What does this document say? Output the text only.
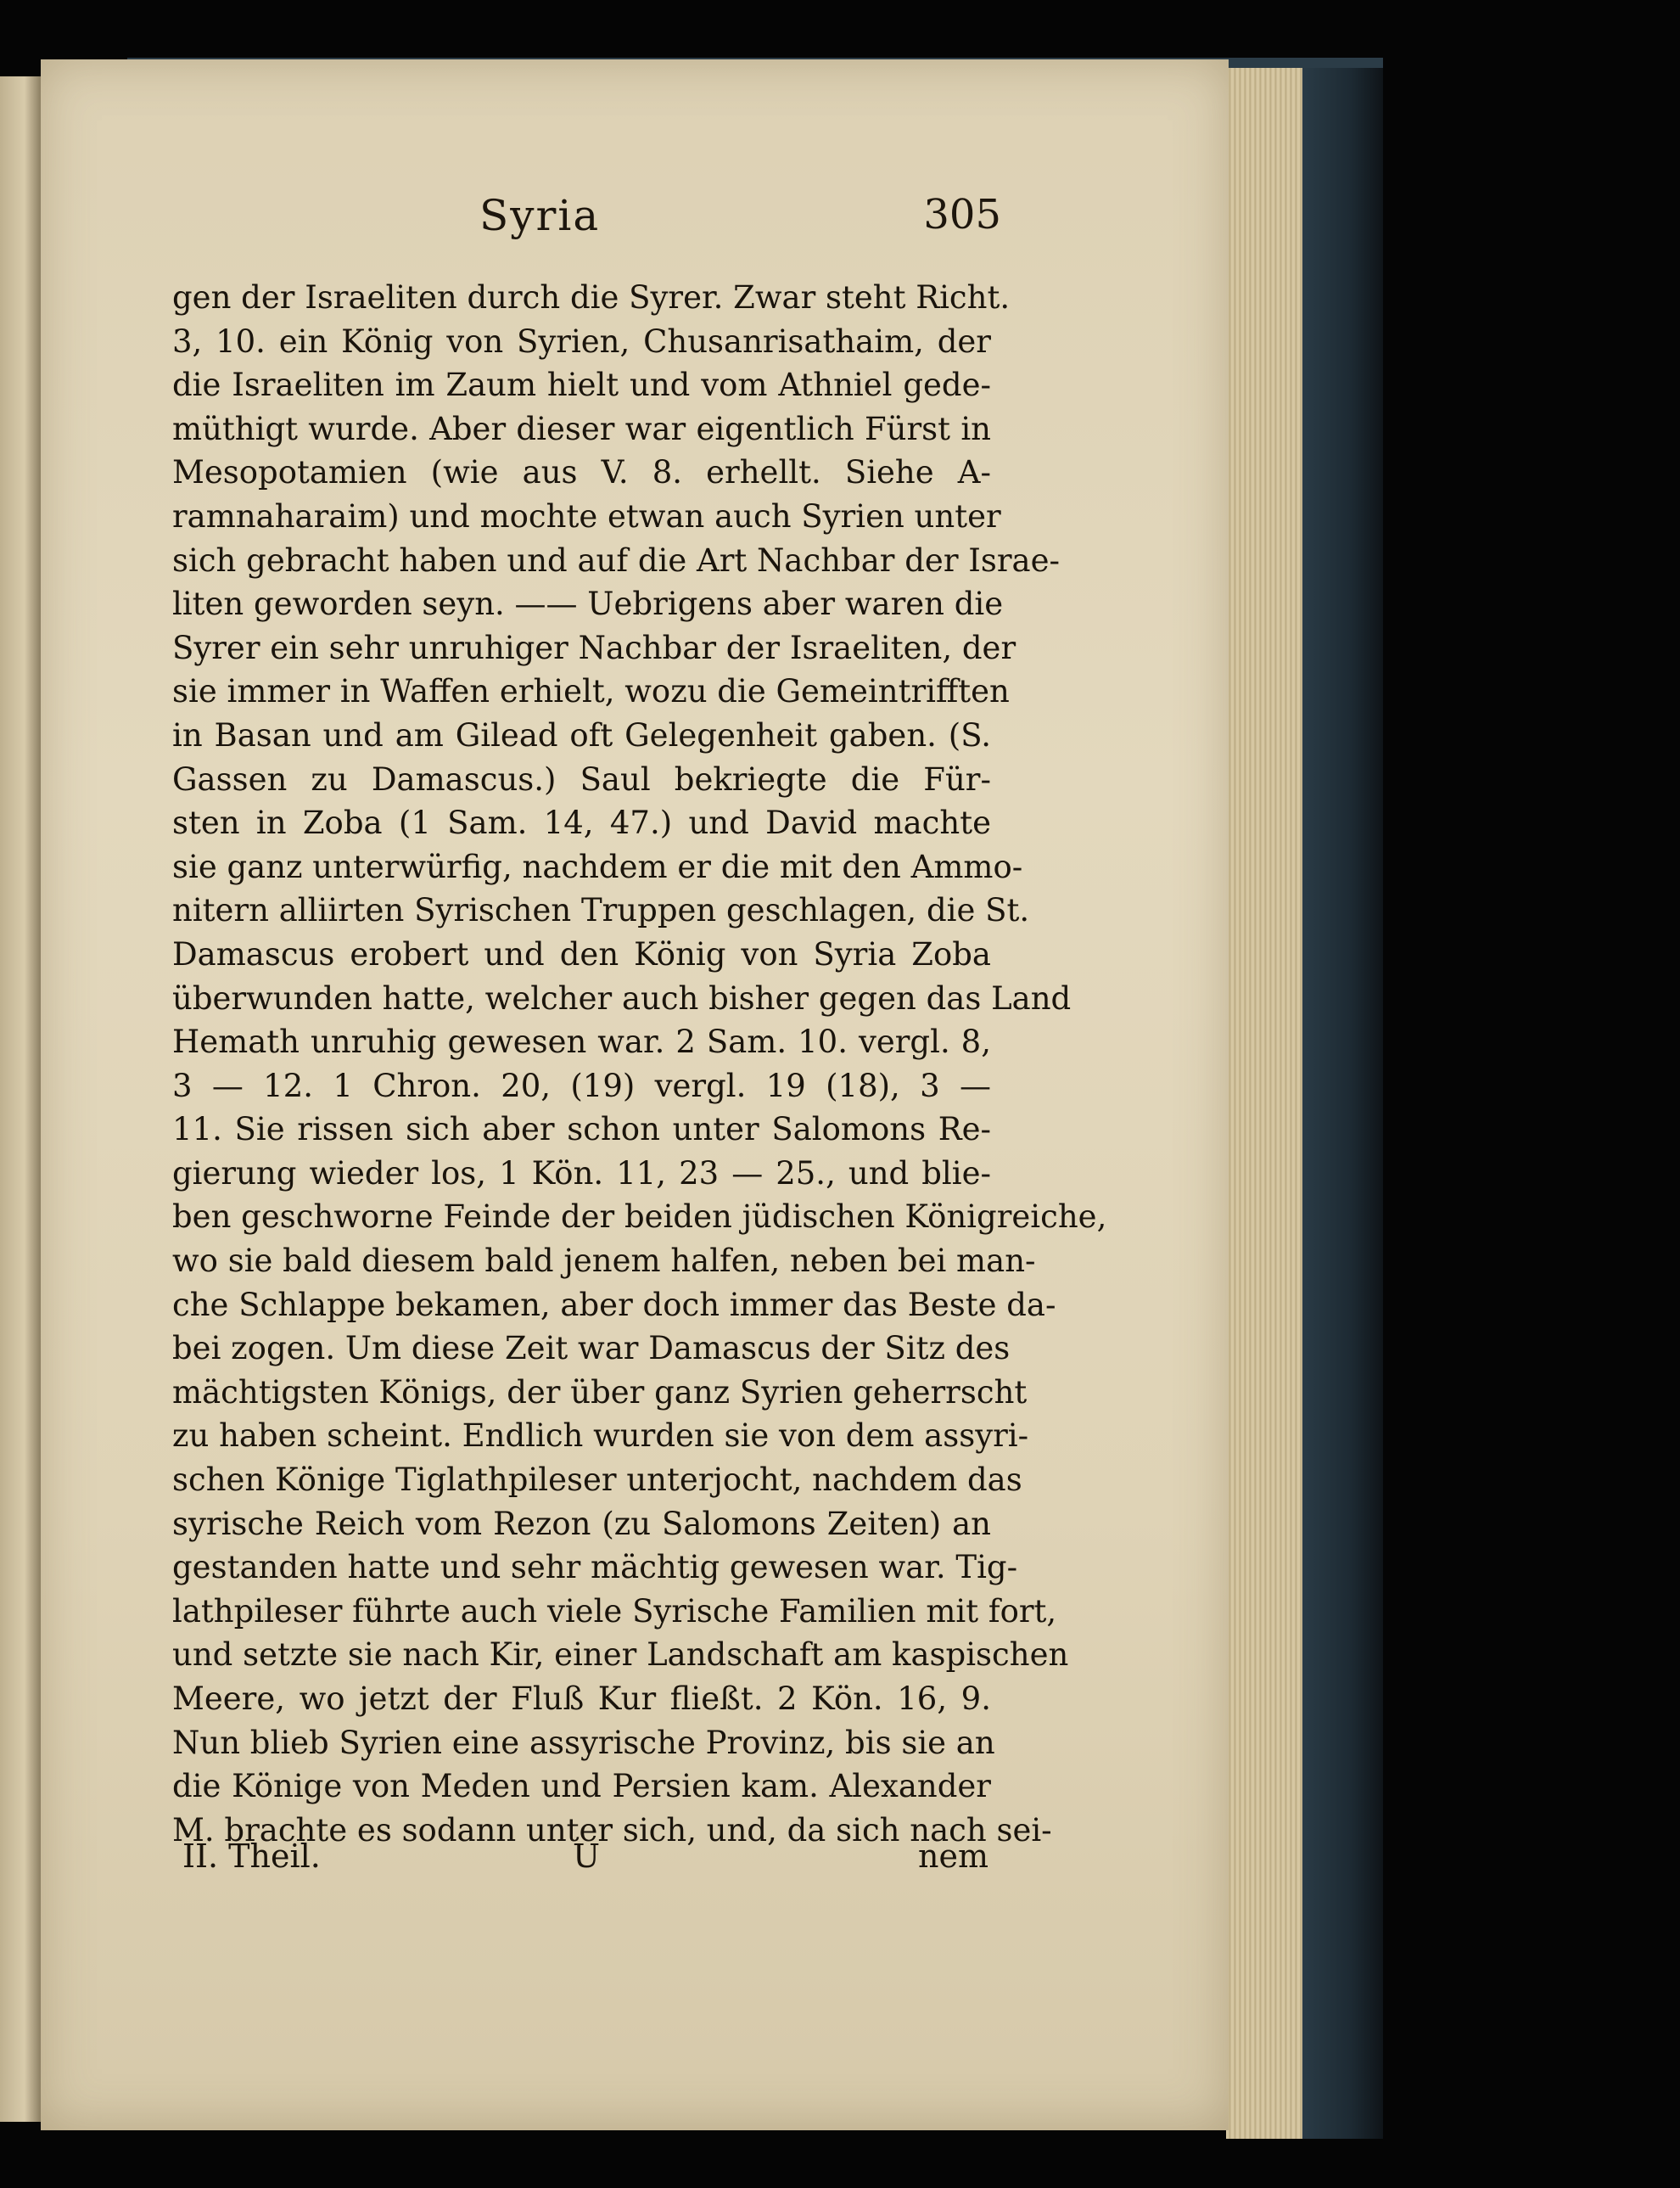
Syria	305
gen der Israeliten durch die Syrer. Zwar steht Richt.
3, 10. ein König von Syrien, Chusanrisathaim, der
die Israeliten im Zaum hielt und vom Athniel gede-
müthigt wurde. Aber dieser war eigentlich Fürst in
Mesopotamien (wie aus V. 8. erhellt. Siehe A-
ramnaharaim) und mochte etwan auch Syrien unter
sich gebracht haben und auf die Art Nachbar der Israe-
liten geworden seyn. —— Uebrigens aber waren die
Syrer ein sehr unruhiger Nachbar der Israeliten, der
sie immer in Waffen erhielt, wozu die Gemeintrifften
in Basan und am Gilead oft Gelegenheit gaben. (S.
Gassen zu Damascus.) Saul bekriegte die Für-
sten in Zoba (1 Sam. 14, 47.) und David machte
sie ganz unterwürfig, nachdem er die mit den Ammo-
nitern alliirten Syrischen Truppen geschlagen, die St.
Damascus erobert und den König von Syria Zoba
überwunden hatte, welcher auch bisher gegen das Land
Hemath unruhig gewesen war. 2 Sam. 10. vergl. 8,
3 — 12. 1 Chron. 20, (19) vergl. 19 (18), 3 —
11. Sie rissen sich aber schon unter Salomons Re-
gierung wieder los, 1 Kön. 11, 23 — 25., und blie-
ben geschworne Feinde der beiden jüdischen Königreiche,
wo sie bald diesem bald jenem halfen, neben bei man-
che Schlappe bekamen, aber doch immer das Beste da-
bei zogen. Um diese Zeit war Damascus der Sitz des
mächtigsten Königs, der über ganz Syrien geherrscht
zu haben scheint. Endlich wurden sie von dem assyri-
schen Könige Tiglathpileser unterjocht, nachdem das
syrische Reich vom Rezon (zu Salomons Zeiten) an
gestanden hatte und sehr mächtig gewesen war. Tig-
lathpileser führte auch viele Syrische Familien mit fort,
und setzte sie nach Kir, einer Landschaft am kaspischen
Meere, wo jetzt der Fluß Kur fließt. 2 Kön. 16, 9.
Nun blieb Syrien eine assyrische Provinz, bis sie an
die Könige von Meden und Persien kam. Alexander
M. brachte es sodann unter sich, und, da sich nach sei-
II. Theil.	U	nem
